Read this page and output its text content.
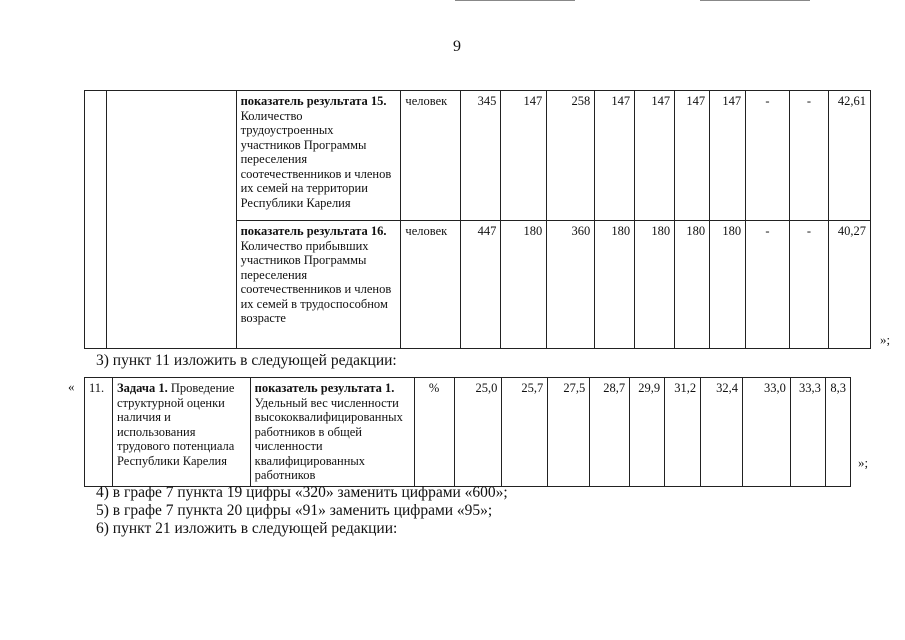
9
		показатель результата 15.
Количество трудоустроенных участников Программы переселения соотечественников и членов их семей на территории Республики Карелия	человек	345	147	258	147	147	147	147	-	-	42,61
		показатель результата 16.
Количество прибывших участников Программы переселения соотечественников и членов их семей в трудоспособном возрасте	человек	447	180	360	180	180	180	180	-	-	40,27
»;
3) пункт 11 изложить в следующей редакции:
« 11.	Задача 1. Проведение структурной оценки наличия и использования трудового потенциала Республики Карелия	показатель результата 1.
Удельный вес численности высококвалифицированных работников в общей численности квалифицированных работников	%	25,0	25,7	27,5	28,7	29,9	31,2	32,4	33,0	33,3	8,3
»;
4) в графе 7 пункта 19 цифры «320» заменить цифрами «600»;
5) в графе 7 пункта 20 цифры «91» заменить цифрами «95»;
6) пункт 21 изложить в следующей редакции:
